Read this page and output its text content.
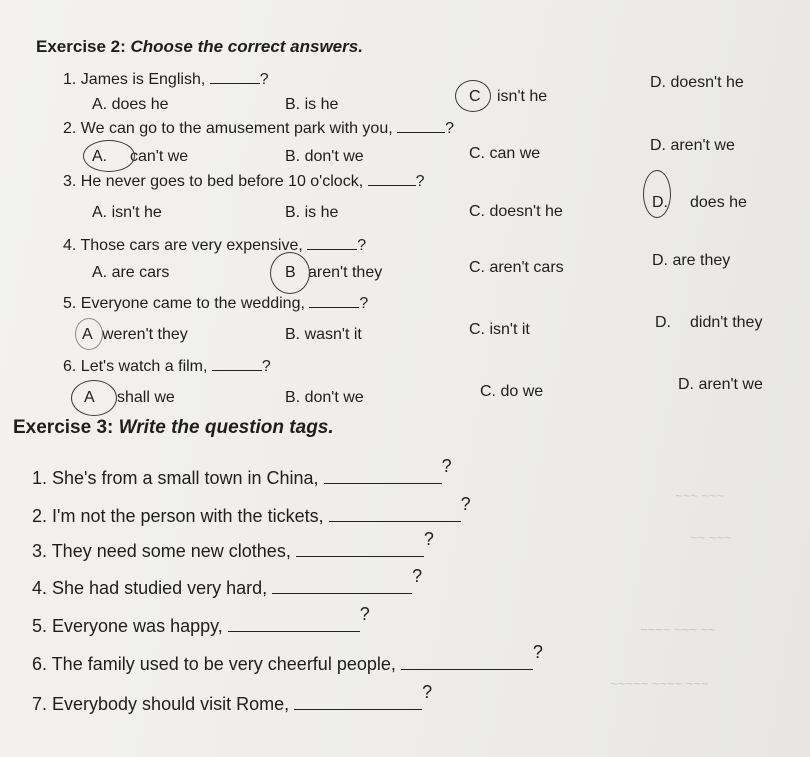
~~~ ~~~
~~ ~~~
~~~~ ~~~ ~~
~~~~~ ~~~~ ~~~
Exercise 2: Choose the correct answers.
1. James is English,	?
A. does he	B. is he	C isn't he
D. doesn't he
2. We can go to the amusement park with you,	?
A. can't we	B. don't we	C. can we	D. aren't we
3. He never goes to bed before 10 o'clock,	?
A. isn't he	B. is he	C. doesn't he
D. does he
4. Those cars are very expensive,	?
A. are cars	B aren't they	C. aren't cars	D. are they
5. Everyone came to the wedding,	?
A weren't they	B. wasn't it	C. isn't it	D. didn't they
6. Let's watch a film,	?
A shall we	B. don't we	C. do we	D. aren't we
Exercise 3: Write the question tags.
1. She's from a small town in China, ?
2. I'm not the person with the tickets, ?
3. They need some new clothes, ?
4. She had studied very hard, ?
5. Everyone was happy, ?
6. The family used to be very cheerful people, ?
7. Everybody should visit Rome, ?
